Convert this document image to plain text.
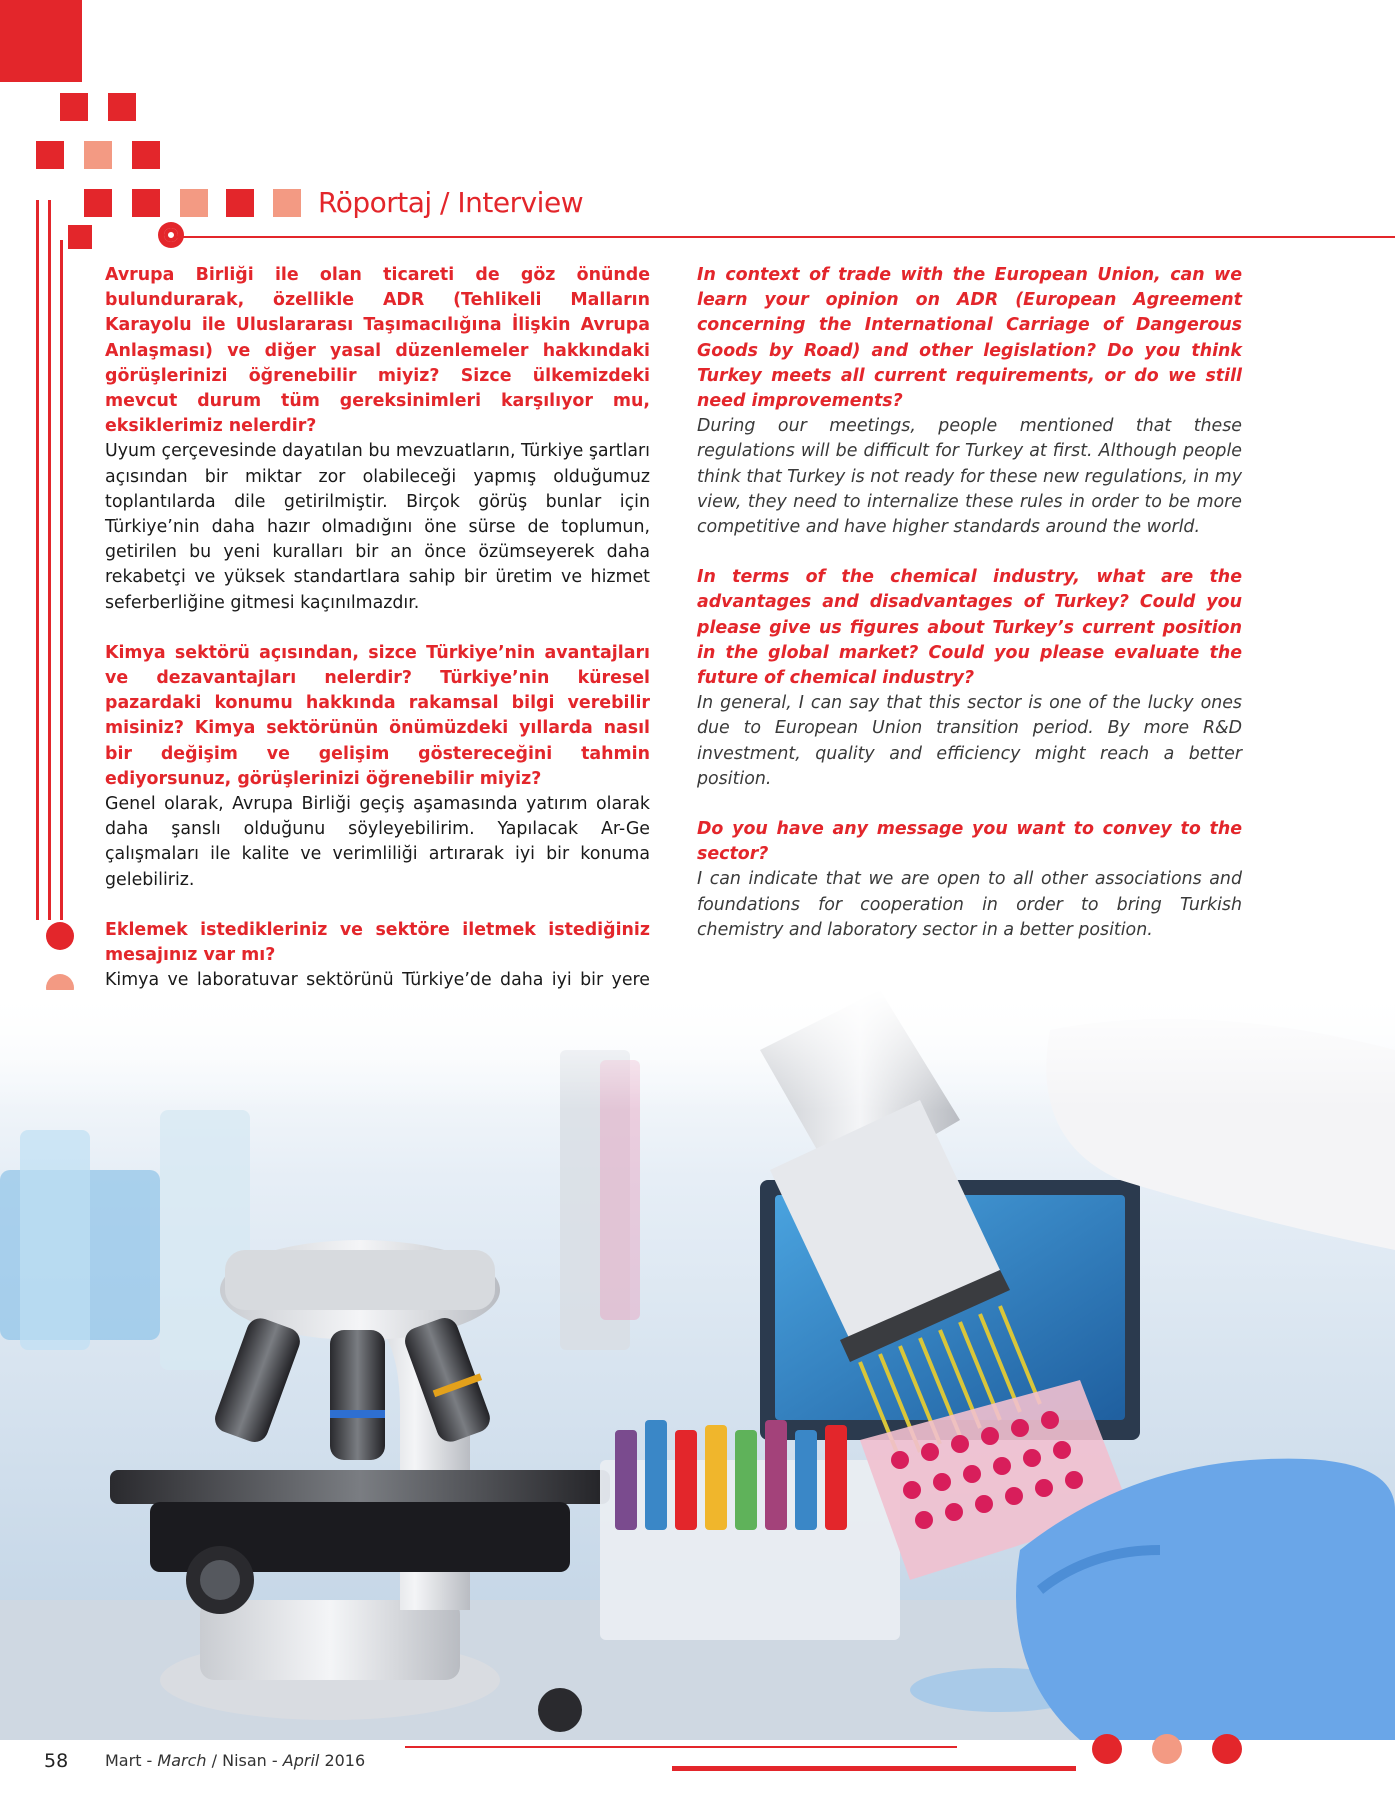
Röportaj / Interview

Avrupa Birliği ile olan ticareti de göz önünde bulundurarak, özellikle ADR (Tehlikeli Malların Karayolu ile Uluslararası Taşımacılığına İlişkin Avrupa Anlaşması) ve diğer yasal düzenlemeler hakkındaki görüşlerinizi öğrenebilir miyiz? Sizce ülkemizdeki mevcut durum tüm gereksinimleri karşılıyor mu, eksiklerimiz nelerdir?

Uyum çerçevesinde dayatılan bu mevzuatların, Türkiye şartları açısından bir miktar zor olabileceği yapmış olduğumuz toplantılarda dile getirilmiştir. Birçok görüş bunlar için Türkiye’nin daha hazır olmadığını öne sürse de toplumun, getirilen bu yeni kuralları bir an önce özümseyerek daha rekabetçi ve yüksek standartlara sahip bir üretim ve hizmet seferberliğine gitmesi kaçınılmazdır.

Kimya sektörü açısından, sizce Türkiye’nin avantajları ve dezavantajları nelerdir? Türkiye’nin küresel pazardaki konumu hakkında rakamsal bilgi verebilir misiniz? Kimya sektörünün önümüzdeki yıllarda nasıl bir değişim ve gelişim göstereceğini tahmin ediyorsunuz, görüşlerinizi öğrenebilir miyiz?

Genel olarak, Avrupa Birliği geçiş aşamasında yatırım olarak daha şanslı olduğunu söyleyebilirim. Yapılacak Ar-Ge çalışmaları ile kalite ve verimliliği artırarak iyi bir konuma gelebiliriz.

Eklemek istedikleriniz ve sektöre iletmek istediğiniz mesajınız var mı?

Kimya ve laboratuvar sektörünü Türkiye’de daha iyi bir yere

In context of trade with the European Union, can we learn your opinion on ADR (European Agreement concerning the International Carriage of Dangerous Goods by Road) and other legislation? Do you think Turkey meets all current requirements, or do we still need improvements?

During our meetings, people mentioned that these regulations will be difficult for Turkey at first. Although people think that Turkey is not ready for these new regulations, in my view, they need to internalize these rules in order to be more competitive and have higher standards around the world.

In terms of the chemical industry, what are the advantages and disadvantages of Turkey? Could you please give us figures about Turkey’s current position in the global market? Could you please evaluate the future of chemical industry?

In general, I can say that this sector is one of the lucky ones due to European Union transition period. By more R&D investment, quality and efficiency might reach a better position.

Do you have any message you want to convey to the sector?

I can indicate that we are open to all other associations and foundations for cooperation in order to bring Turkish chemistry and laboratory sector in a better position.

58 Mart - March / Nisan - April 2016
